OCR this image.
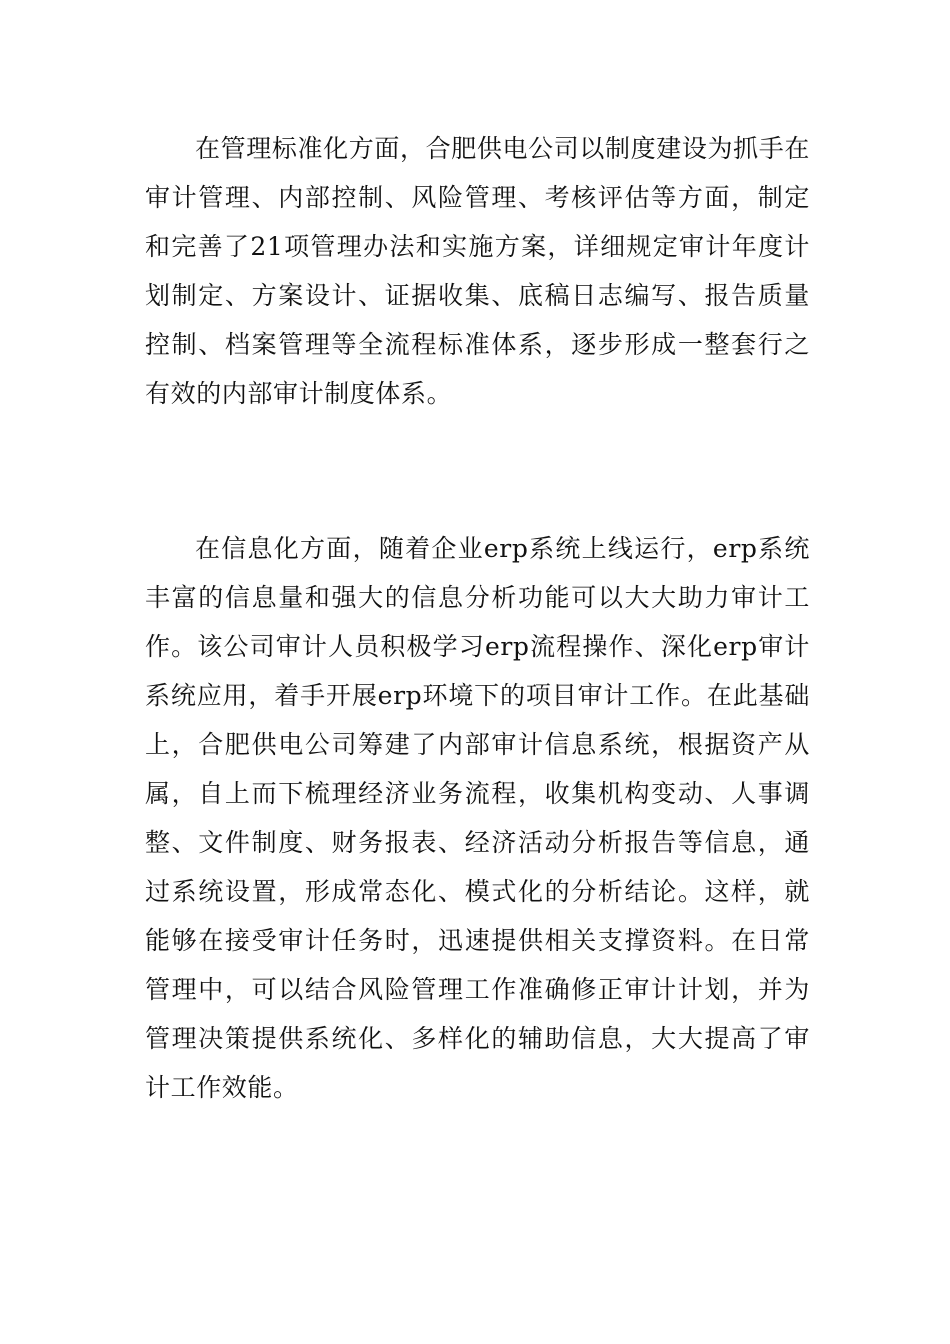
在管理标准化方面，合肥供电公司以制度建设为抓手在审计管理、内部控制、风险管理、考核评估等方面，制定和完善了21项管理办法和实施方案，详细规定审计年度计划制定、方案设计、证据收集、底稿日志编写、报告质量控制、档案管理等全流程标准体系，逐步形成一整套行之有效的内部审计制度体系。

在信息化方面，随着企业erp系统上线运行，erp系统丰富的信息量和强大的信息分析功能可以大大助力审计工作。该公司审计人员积极学习erp流程操作、深化erp审计系统应用，着手开展erp环境下的项目审计工作。在此基础上，合肥供电公司筹建了内部审计信息系统，根据资产从属，自上而下梳理经济业务流程，收集机构变动、人事调整、文件制度、财务报表、经济活动分析报告等信息，通过系统设置，形成常态化、模式化的分析结论。这样，就能够在接受审计任务时，迅速提供相关支撑资料。在日常管理中，可以结合风险管理工作准确修正审计计划，并为管理决策提供系统化、多样化的辅助信息，大大提高了审计工作效能。
